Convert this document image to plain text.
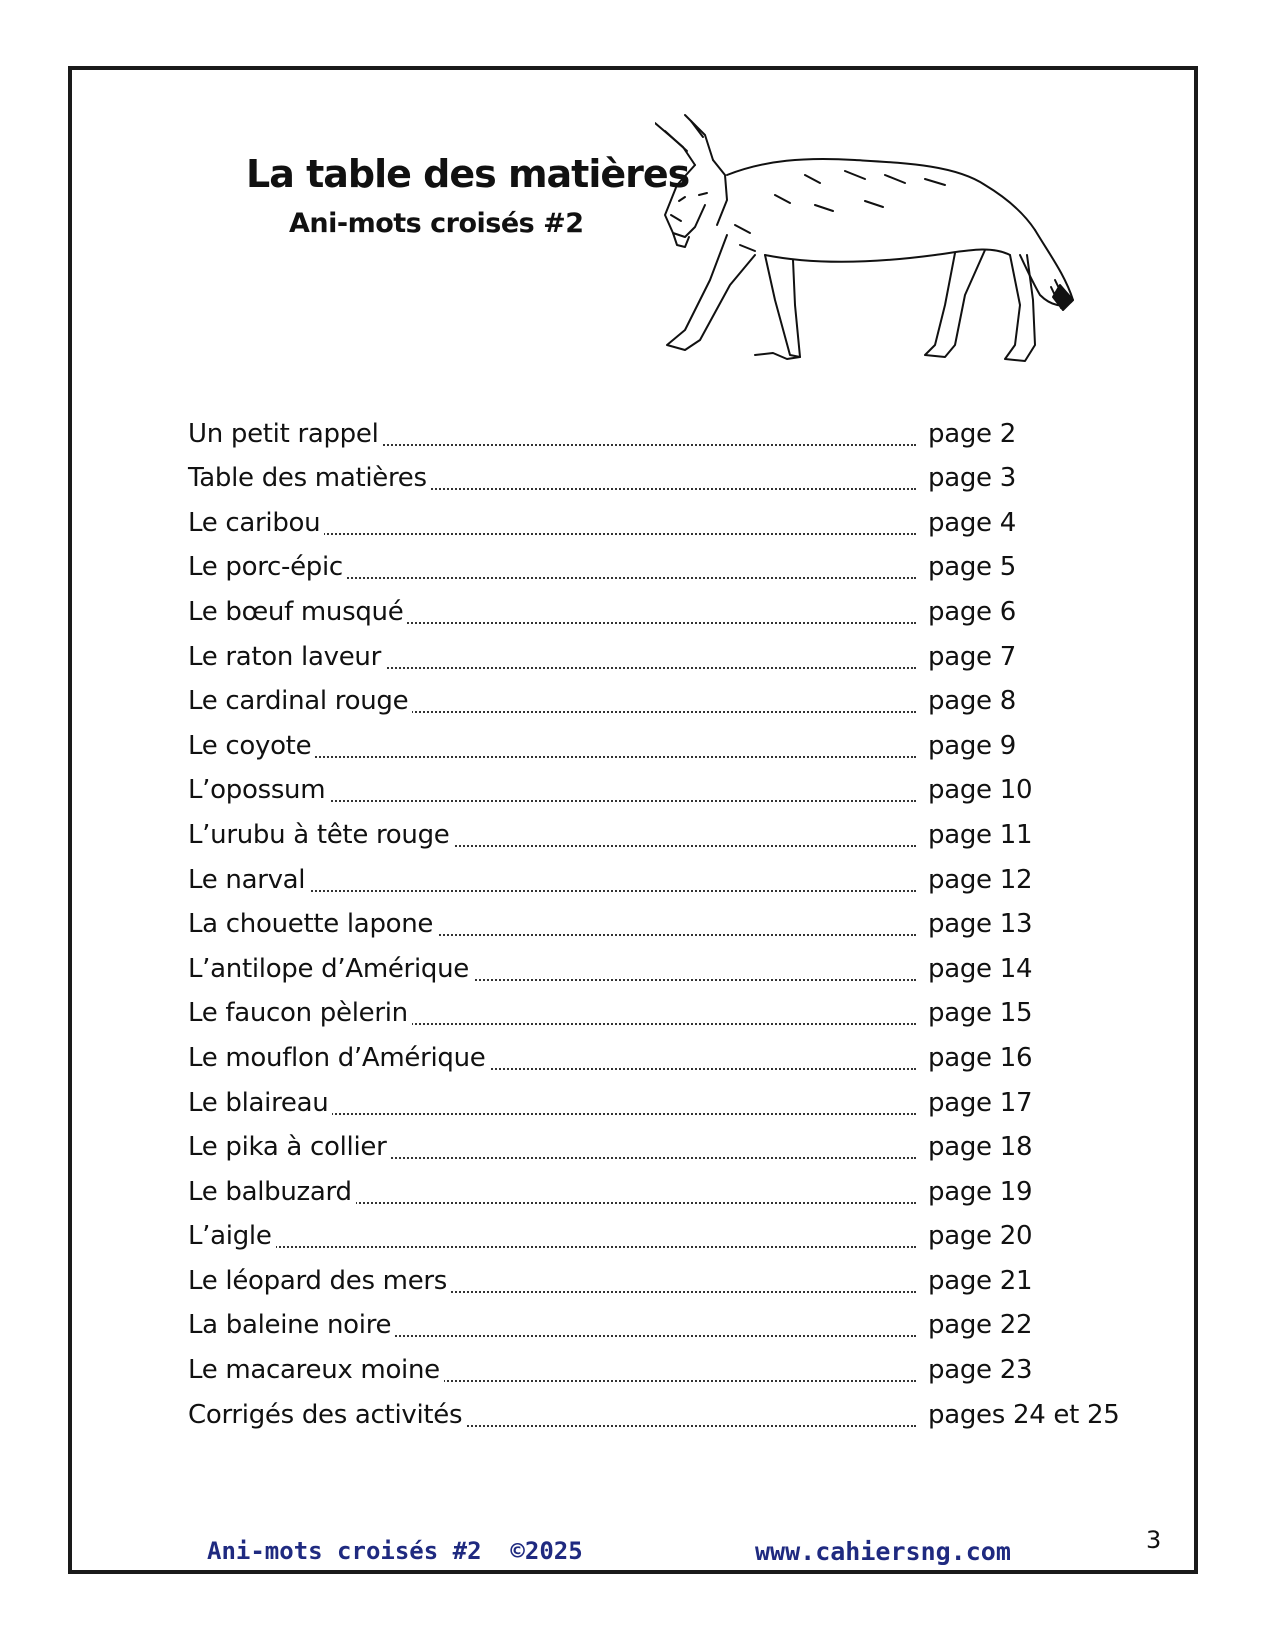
La table des matières
Ani-mots croisés #2
Un petit rappel	page 2
Table des matières	page 3
Le caribou	page 4
Le porc-épic	page 5
Le bœuf musqué	page 6
Le raton laveur	page 7
Le cardinal rouge	page 8
Le coyote	page 9
L’opossum	page 10
L’urubu à tête rouge	page 11
Le narval	page 12
La chouette lapone	page 13
L’antilope d’Amérique	page 14
Le faucon pèlerin	page 15
Le mouflon d’Amérique	page 16
Le blaireau	page 17
Le pika à collier	page 18
Le balbuzard	page 19
L’aigle	page 20
Le léopard des mers	page 21
La baleine noire	page 22
Le macareux moine	page 23
Corrigés des activités	pages 24 et 25
Ani-mots croisés #2  ©2025	www.cahiersng.com	3
